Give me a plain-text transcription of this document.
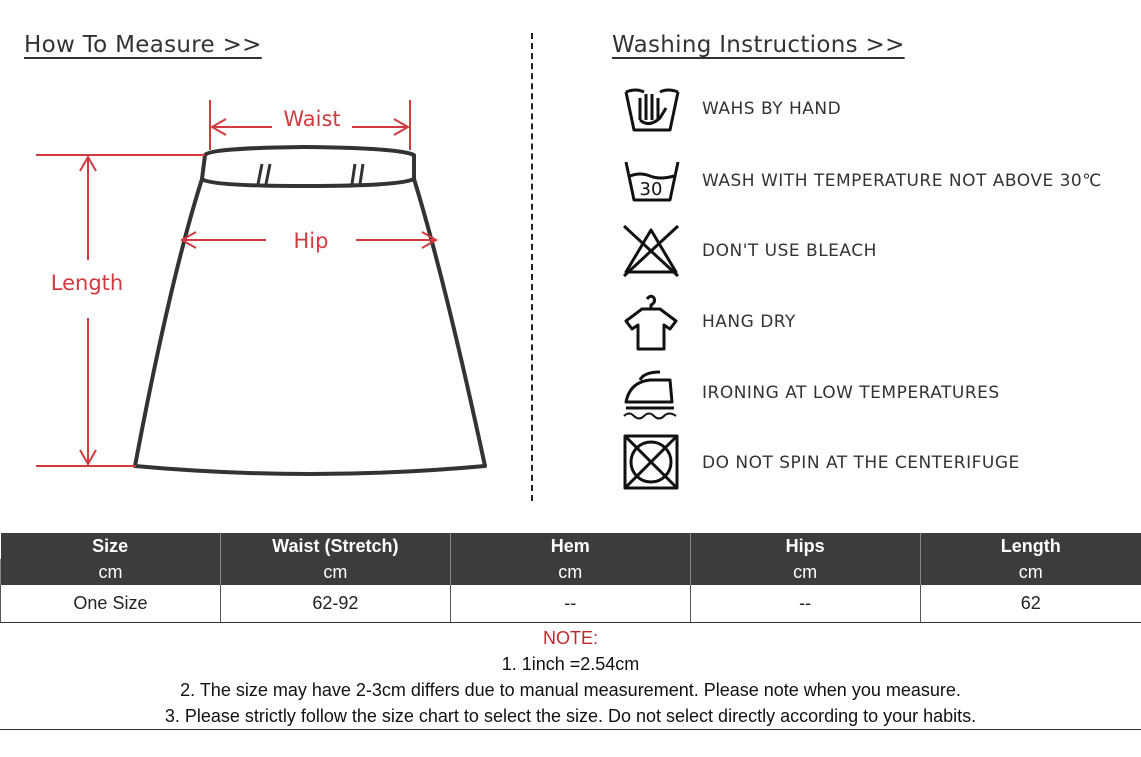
How To Measure >>
Waist
Hip
Length
Washing Instructions >>
WAHS BY HAND
30 WASH WITH TEMPERATURE NOT ABOVE 30℃
DON'T USE BLEACH
HANG DRY
IRONING AT LOW TEMPERATURES
DO NOT SPIN AT THE CENTERIFUGE
Size	Waist (Stretch)	Hem	Hips	Length
cm	cm	cm	cm	cm
One Size	62-92	--	--	62
NOTE:
1. 1inch =2.54cm
2. The size may have 2-3cm differs due to manual measurement. Please note when you measure.
3. Please strictly follow the size chart to select the size. Do not select directly according to your habits.
